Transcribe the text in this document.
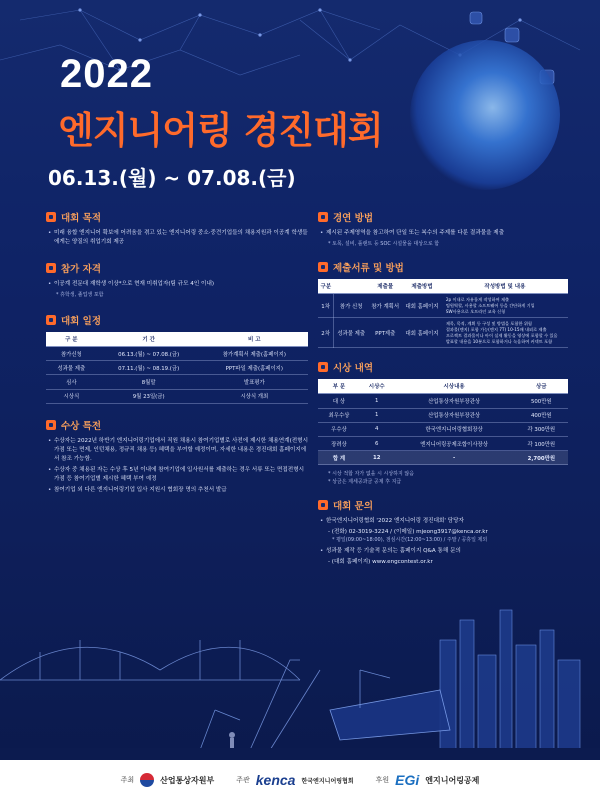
2022
엔지니어링 경진대회
06.13.(월) ~ 07.08.(금)
대회 목적
• 미래 융합 엔지니어 확보에 어려움을 겪고 있는 엔지니어링 중소·중견기업들의 채용지원과 이공계 학생들에게는 양질의 취업기회 제공
참가 자격
• 이공계 전문대 재학생 이상*으로 현재 미취업자(팀 규모 4인 이내)
* 휴학생, 졸업생 포함
대회 일정
구 분	기 간	비 고
참가신청	06.13.(월) ~ 07.08.(금)	참가계획서 제출(홈페이지)
성과물 제출	07.11.(월) ~ 08.19.(금)	PPT파일 제출(홈페이지)
심사	8월말	발표평가
시상식	9월 23일(금)	시상식 개최
수상 특전
• 수상자는 2022년 하반기 엔지니어링기업에서 직원 채용시 참여기업별로 사전에 제시한 채용연계(전형시 가점 또는 면제, 인턴채용, 정규직 채용 등) 혜택을 부여할 예정이며, 자세한 내용은 경진대회 홈페이지에서 참조 가능함.
• 수상자 중 채용된 자는 수상 후 5년 이내에 참여기업에 입사원서를 제출하는 경우 서류 또는 면접전형시 가점 등 참여기업별 제시한 혜택 부여 예정
• 참여기업 외 다른 엔지니어링기업 입사 지원시 협회장 명의 추천서 발급
경연 방법
• 제시된 주제영역을 참고하여 단일 또는 복수의 주제를 다룬 결과물을 제출
* 토목, 설비, 플랜트 등 SOC 시설물을 대상으로 함
제출서류 및 방법
구분		제출물	제출방법	작성방법 및 내용
1차	참가 신청	참가 계획서	대회 홈페이지	2p 이내로 자유롭게 작성하여 제출
팀원역할, 사용할 소프트웨어 등을 간단하게 기입
SW사용으로 오프라인 교육 신청

2차	성과물 제출	PPT제출	대회 홈페이지	제목, 목적, 계획 등 구성 및 방법을 포함한 위험
결과물(엔지) 포함 가능(엔지 7T) 10-15매 내외로 제출
프로젝트 결과물이나 아이 실제 활동을 영상에 포함할 수 있음
발표할 내용을 10분으로 포함하거나 녹음하여 커넥트 포함
시상 내역
부 문	시상수	시상내용	상금
대 상	1	산업통상자원부장관상	500만원
최우수상	1	산업통상자원부장관상	400만원
우수상	4	한국엔지니어링협회장상	각 300만원
장려상	6	엔지니어링공제조합이사장상	각 100만원
합 계	12	-	2,700만원
* 시상 적합 자가 없을 시 시상하지 않음
* 상금은 제세공과금 공제 후 지급
대회 문의
• 한국엔지니어링협회 '2022 엔지니어링 경진대회' 담당자
- (전화) 02-3019-3224 / (이메일) mjeong3917@kenca.or.kr
* 평일(09:00~18:00), 점심시간(12:00~13:00) / 주말 / 공휴일 제외
• 성과물 제작 등 기술적 문의는 홈페이지 Q&A 통해 문의
- (대회 홈페이지) www.engcontest.or.kr
주최	산업통상자원부	주관 kenca 한국엔지니어링협회	후원 EGi 엔지니어링공제
